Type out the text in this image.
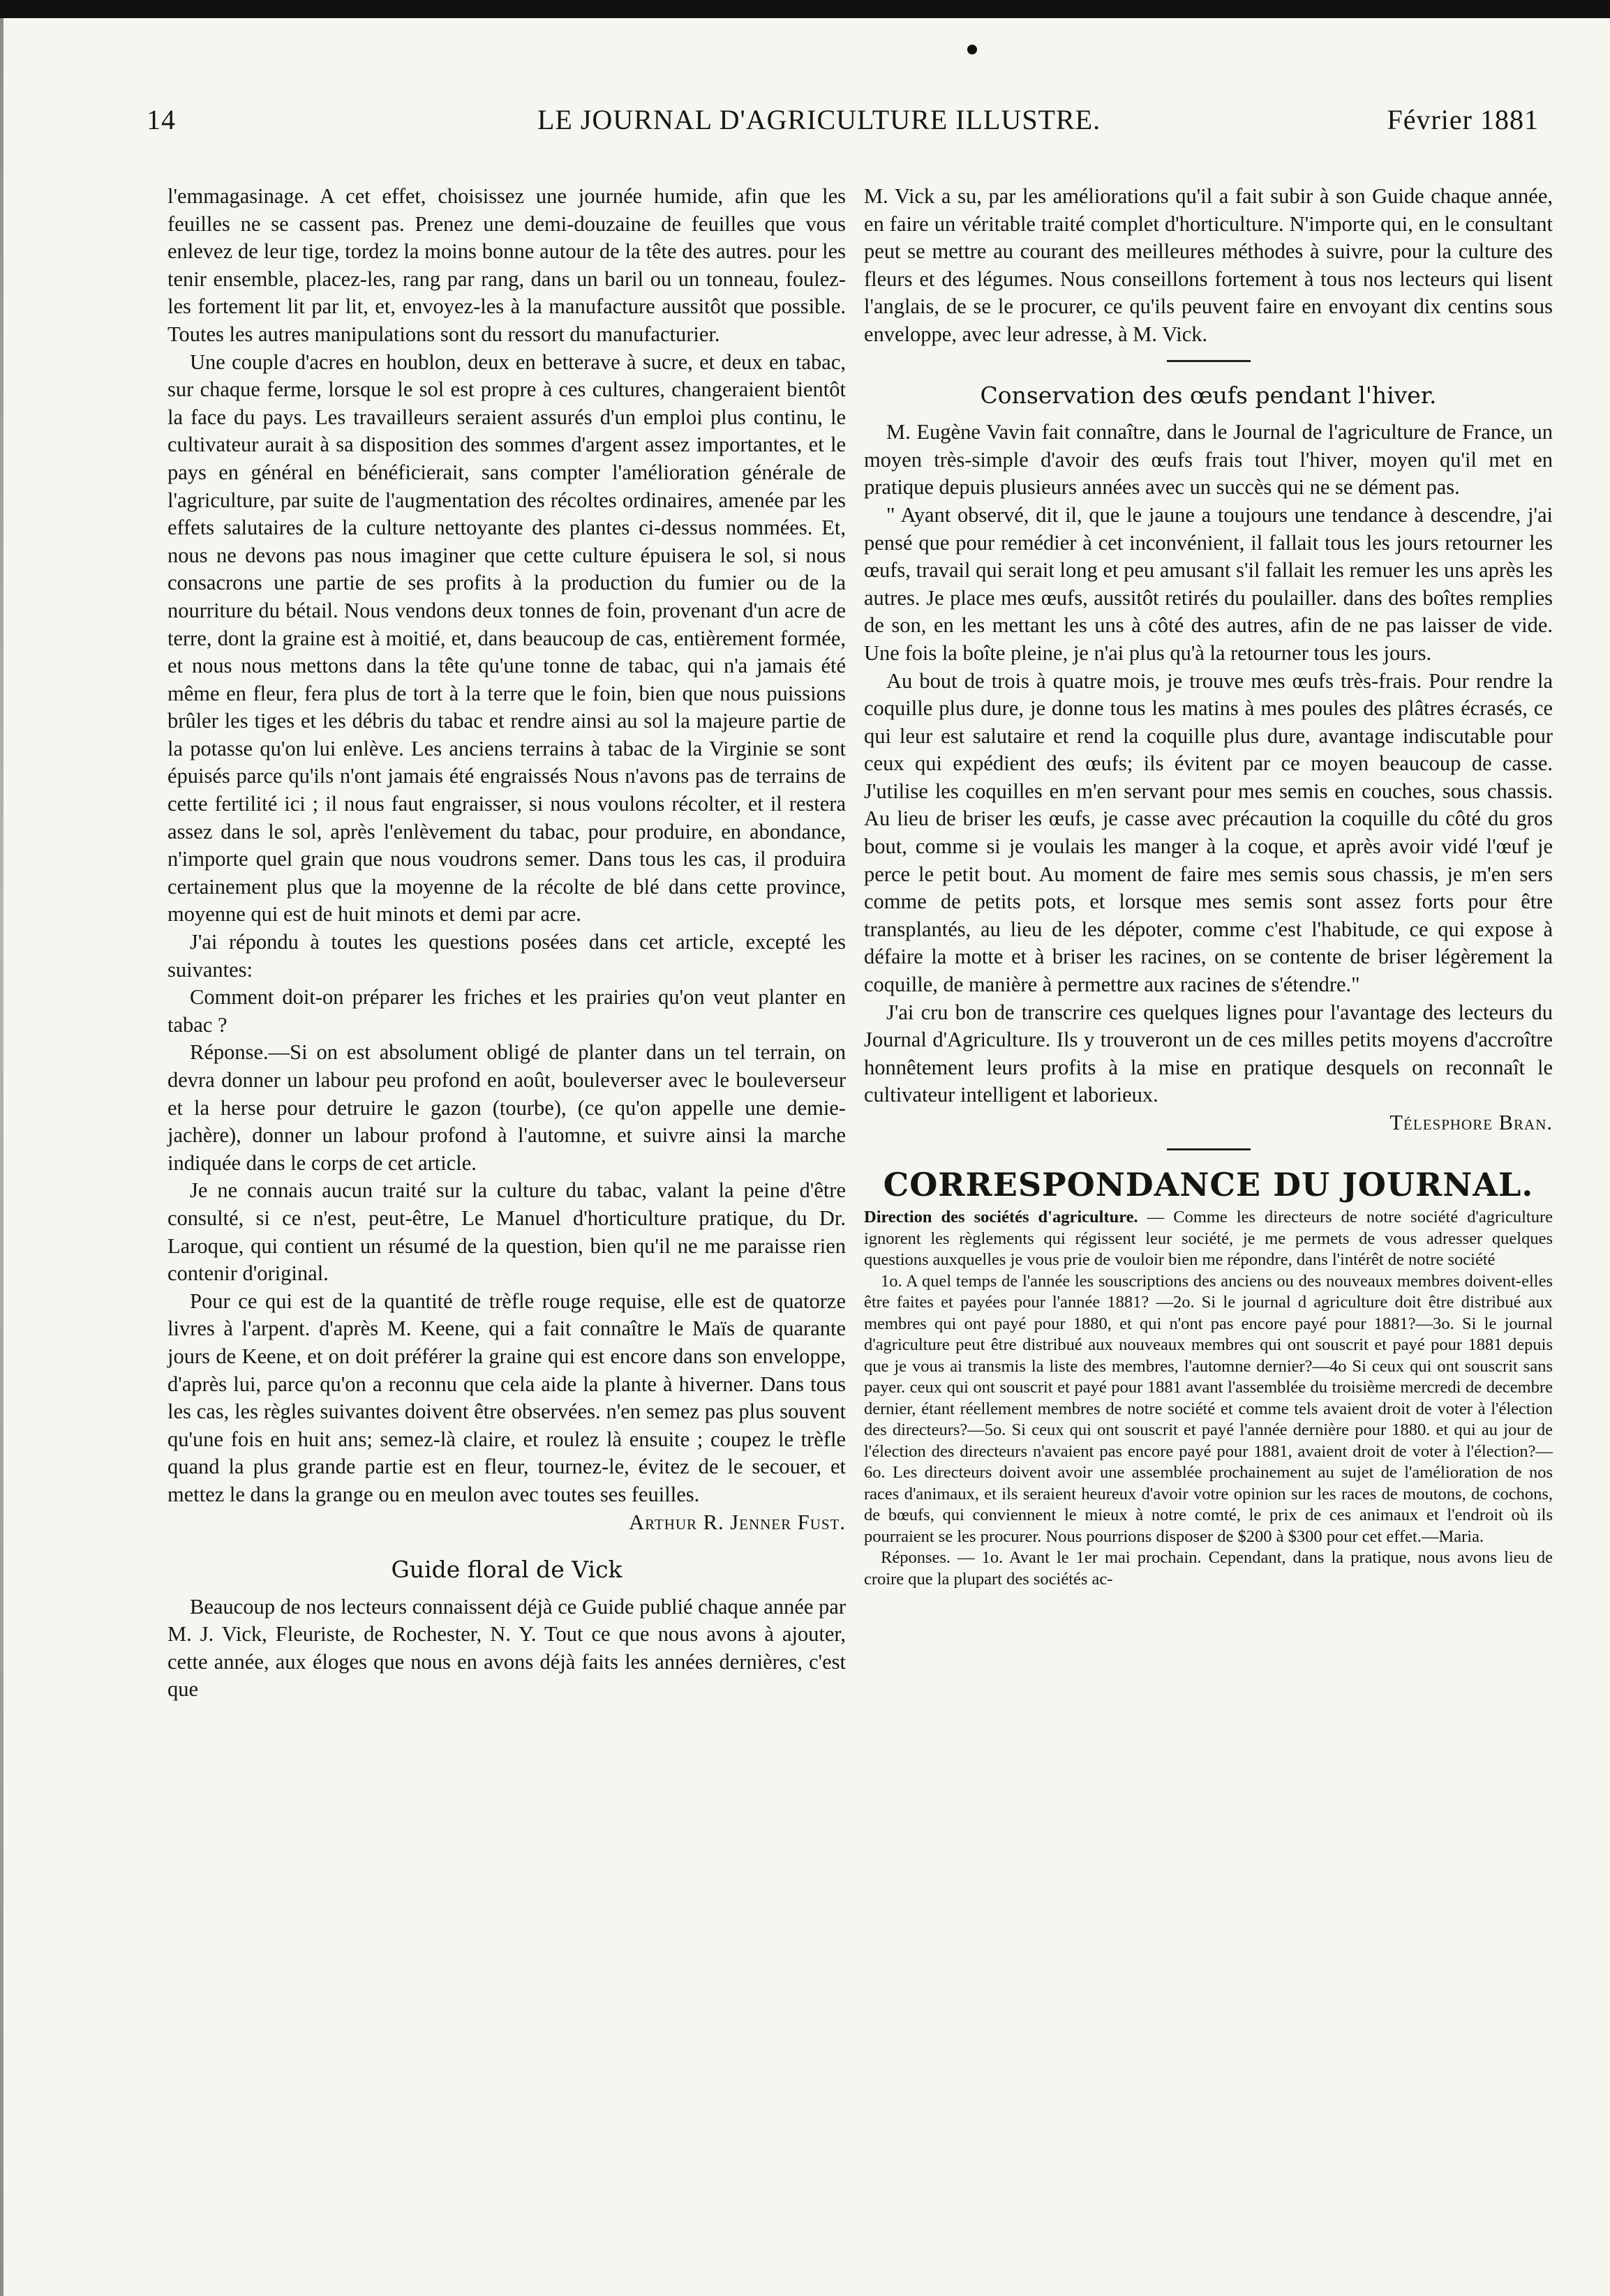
14	LE JOURNAL D'AGRICULTURE ILLUSTRE.	Février 1881

l'emmagasinage. A cet effet, choisissez une journée humide, afin que les feuilles ne se cassent pas. Prenez une demi-douzaine de feuilles que vous enlevez de leur tige, tordez la moins bonne autour de la tête des autres. pour les tenir ensemble, placez-les, rang par rang, dans un baril ou un tonneau, foulez-les fortement lit par lit, et, envoyez-les à la manufacture aussitôt que possible. Toutes les autres manipulations sont du ressort du manufacturier.

Une couple d'acres en houblon, deux en betterave à sucre, et deux en tabac, sur chaque ferme, lorsque le sol est propre à ces cultures, changeraient bientôt la face du pays. Les travailleurs seraient assurés d'un emploi plus continu, le cultivateur aurait à sa disposition des sommes d'argent assez importantes, et le pays en général en bénéficierait, sans compter l'amélioration générale de l'agriculture, par suite de l'augmentation des récoltes ordinaires, amenée par les effets salutaires de la culture nettoyante des plantes ci-dessus nommées. Et, nous ne devons pas nous imaginer que cette culture épuisera le sol, si nous consacrons une partie de ses profits à la production du fumier ou de la nourriture du bétail. Nous vendons deux tonnes de foin, provenant d'un acre de terre, dont la graine est à moitié, et, dans beaucoup de cas, entièrement formée, et nous nous mettons dans la tête qu'une tonne de tabac, qui n'a jamais été même en fleur, fera plus de tort à la terre que le foin, bien que nous puissions brûler les tiges et les débris du tabac et rendre ainsi au sol la majeure partie de la potasse qu'on lui enlève. Les anciens terrains à tabac de la Virginie se sont épuisés parce qu'ils n'ont jamais été engraissés Nous n'avons pas de terrains de cette fertilité ici ; il nous faut engraisser, si nous voulons récolter, et il restera assez dans le sol, après l'enlèvement du tabac, pour produire, en abondance, n'importe quel grain que nous voudrons semer. Dans tous les cas, il produira certainement plus que la moyenne de la récolte de blé dans cette province, moyenne qui est de huit minots et demi par acre.

J'ai répondu à toutes les questions posées dans cet article, excepté les suivantes:

Comment doit-on préparer les friches et les prairies qu'on veut planter en tabac ?

Réponse.—Si on est absolument obligé de planter dans un tel terrain, on devra donner un labour peu profond en août, bouleverser avec le bouleverseur et la herse pour detruire le gazon (tourbe), (ce qu'on appelle une demie-jachère), donner un labour profond à l'automne, et suivre ainsi la marche indiquée dans le corps de cet article.

Je ne connais aucun traité sur la culture du tabac, valant la peine d'être consulté, si ce n'est, peut-être, Le Manuel d'horticulture pratique, du Dr. Laroque, qui contient un résumé de la question, bien qu'il ne me paraisse rien contenir d'original.

Pour ce qui est de la quantité de trèfle rouge requise, elle est de quatorze livres à l'arpent. d'après M. Keene, qui a fait connaître le Maïs de quarante jours de Keene, et on doit préférer la graine qui est encore dans son enveloppe, d'après lui, parce qu'on a reconnu que cela aide la plante à hiverner. Dans tous les cas, les règles suivantes doivent être observées. n'en semez pas plus souvent qu'une fois en huit ans; semez-là claire, et roulez là ensuite ; coupez le trèfle quand la plus grande partie est en fleur, tournez-le, évitez de le secouer, et mettez le dans la grange ou en meulon avec toutes ses feuilles.

Arthur R. Jenner Fust.
Guide floral de Vick

Beaucoup de nos lecteurs connaissent déjà ce Guide publié chaque année par M. J. Vick, Fleuriste, de Rochester, N. Y. Tout ce que nous avons à ajouter, cette année, aux éloges que nous en avons déjà faits les années dernières, c'est que

M. Vick a su, par les améliorations qu'il a fait subir à son Guide chaque année, en faire un véritable traité complet d'horticulture. N'importe qui, en le consultant peut se mettre au courant des meilleures méthodes à suivre, pour la culture des fleurs et des légumes. Nous conseillons fortement à tous nos lecteurs qui lisent l'anglais, de se le procurer, ce qu'ils peuvent faire en envoyant dix centins sous enveloppe, avec leur adresse, à M. Vick.

Conservation des œufs pendant l'hiver.

M. Eugène Vavin fait connaître, dans le Journal de l'agriculture de France, un moyen très-simple d'avoir des œufs frais tout l'hiver, moyen qu'il met en pratique depuis plusieurs années avec un succès qui ne se dément pas.

" Ayant observé, dit il, que le jaune a toujours une tendance à descendre, j'ai pensé que pour remédier à cet inconvénient, il fallait tous les jours retourner les œufs, travail qui serait long et peu amusant s'il fallait les remuer les uns après les autres. Je place mes œufs, aussitôt retirés du poulailler. dans des boîtes remplies de son, en les mettant les uns à côté des autres, afin de ne pas laisser de vide. Une fois la boîte pleine, je n'ai plus qu'à la retourner tous les jours.

Au bout de trois à quatre mois, je trouve mes œufs très-frais. Pour rendre la coquille plus dure, je donne tous les matins à mes poules des plâtres écrasés, ce qui leur est salutaire et rend la coquille plus dure, avantage indiscutable pour ceux qui expédient des œufs; ils évitent par ce moyen beaucoup de casse. J'utilise les coquilles en m'en servant pour mes semis en couches, sous chassis. Au lieu de briser les œufs, je casse avec précaution la coquille du côté du gros bout, comme si je voulais les manger à la coque, et après avoir vidé l'œuf je perce le petit bout. Au moment de faire mes semis sous chassis, je m'en sers comme de petits pots, et lorsque mes semis sont assez forts pour être transplantés, au lieu de les dépoter, comme c'est l'habitude, ce qui expose à défaire la motte et à briser les racines, on se contente de briser légèrement la coquille, de manière à permettre aux racines de s'étendre."

J'ai cru bon de transcrire ces quelques lignes pour l'avantage des lecteurs du Journal d'Agriculture. Ils y trouveront un de ces milles petits moyens d'accroître honnêtement leurs profits à la mise en pratique desquels on reconnaît le cultivateur intelligent et laborieux.

Télesphore Bran.
CORRESPONDANCE DU JOURNAL.

Direction des sociétés d'agriculture. — Comme les directeurs de notre société d'agriculture ignorent les règlements qui régissent leur société, je me permets de vous adresser quelques questions auxquelles je vous prie de vouloir bien me répondre, dans l'intérêt de notre société

1o. A quel temps de l'année les souscriptions des anciens ou des nouveaux membres doivent-elles être faites et payées pour l'année 1881? —2o. Si le journal d agriculture doit être distribué aux membres qui ont payé pour 1880, et qui n'ont pas encore payé pour 1881?—3o. Si le journal d'agriculture peut être distribué aux nouveaux membres qui ont souscrit et payé pour 1881 depuis que je vous ai transmis la liste des membres, l'automne dernier?—4o Si ceux qui ont souscrit sans payer. ceux qui ont souscrit et payé pour 1881 avant l'assemblée du troisième mercredi de decembre dernier, étant réellement membres de notre société et comme tels avaient droit de voter à l'élection des directeurs?—5o. Si ceux qui ont souscrit et payé l'année dernière pour 1880. et qui au jour de l'élection des directeurs n'avaient pas encore payé pour 1881, avaient droit de voter à l'élection?—6o. Les directeurs doivent avoir une assemblée prochainement au sujet de l'amélioration de nos races d'animaux, et ils seraient heureux d'avoir votre opinion sur les races de moutons, de cochons, de bœufs, qui conviennent le mieux à notre comté, le prix de ces animaux et l'endroit où ils pourraient se les procurer. Nous pourrions disposer de $200 à $300 pour cet effet.—Maria.

Réponses. — 1o. Avant le 1er mai prochain. Cependant, dans la pratique, nous avons lieu de croire que la plupart des sociétés ac-
